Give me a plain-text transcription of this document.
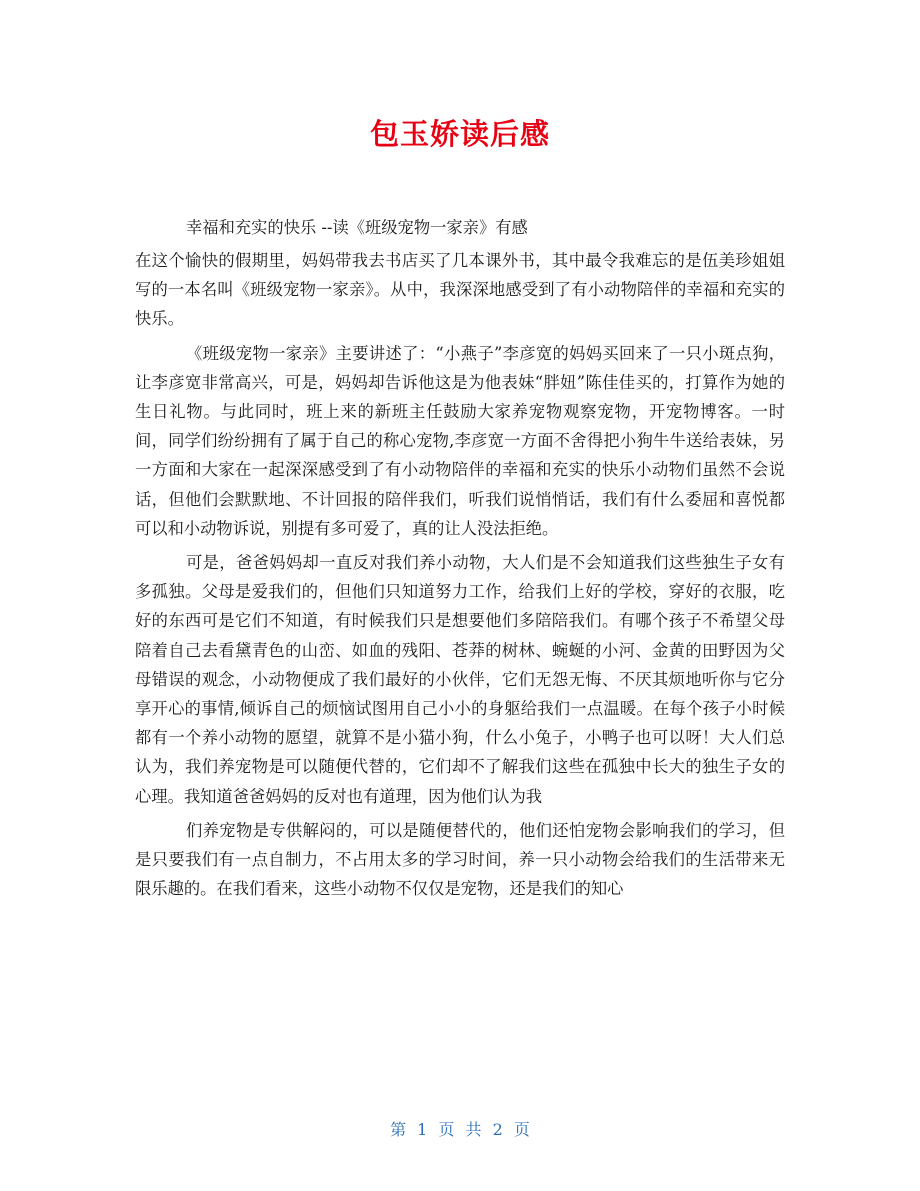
包玉娇读后感

幸福和充实的快乐 --读《班级宠物一家亲》有感

在这个愉快的假期里，妈妈带我去书店买了几本课外书，其中最令我难忘的是伍美珍姐姐写的一本名叫《班级宠物一家亲》。从中，我深深地感受到了有小动物陪伴的幸福和充实的快乐。

《班级宠物一家亲》主要讲述了：“小燕子”李彦宽的妈妈买回来了一只小斑点狗，让李彦宽非常高兴，可是，妈妈却告诉他这是为他表妹“胖妞”陈佳佳买的，打算作为她的生日礼物。与此同时，班上来的新班主任鼓励大家养宠物观察宠物，开宠物博客。一时间，同学们纷纷拥有了属于自己的称心宠物,李彦宽一方面不舍得把小狗牛牛送给表妹，另一方面和大家在一起深深感受到了有小动物陪伴的幸福和充实的快乐小动物们虽然不会说话，但他们会默默地、不计回报的陪伴我们，听我们说悄悄话，我们有什么委屈和喜悦都可以和小动物诉说，别提有多可爱了，真的让人没法拒绝。

可是，爸爸妈妈却一直反对我们养小动物，大人们是不会知道我们这些独生子女有多孤独。父母是爱我们的，但他们只知道努力工作，给我们上好的学校，穿好的衣服，吃好的东西可是它们不知道，有时候我们只是想要他们多陪陪我们。有哪个孩子不希望父母陪着自己去看黛青色的山峦、如血的残阳、苍莽的树林、蜿蜒的小河、金黄的田野因为父母错误的观念，小动物便成了我们最好的小伙伴，它们无怨无悔、不厌其烦地听你与它分享开心的事情,倾诉自己的烦恼试图用自己小小的身躯给我们一点温暖。在每个孩子小时候都有一个养小动物的愿望，就算不是小猫小狗，什么小兔子，小鸭子也可以呀！大人们总认为，我们养宠物是可以随便代替的，它们却不了解我们这些在孤独中长大的独生子女的心理。我知道爸爸妈妈的反对也有道理，因为他们认为我

们养宠物是专供解闷的，可以是随便替代的，他们还怕宠物会影响我们的学习，但是只要我们有一点自制力，不占用太多的学习时间，养一只小动物会给我们的生活带来无限乐趣的。在我们看来，这些小动物不仅仅是宠物，还是我们的知心

第 1 页 共 2 页
